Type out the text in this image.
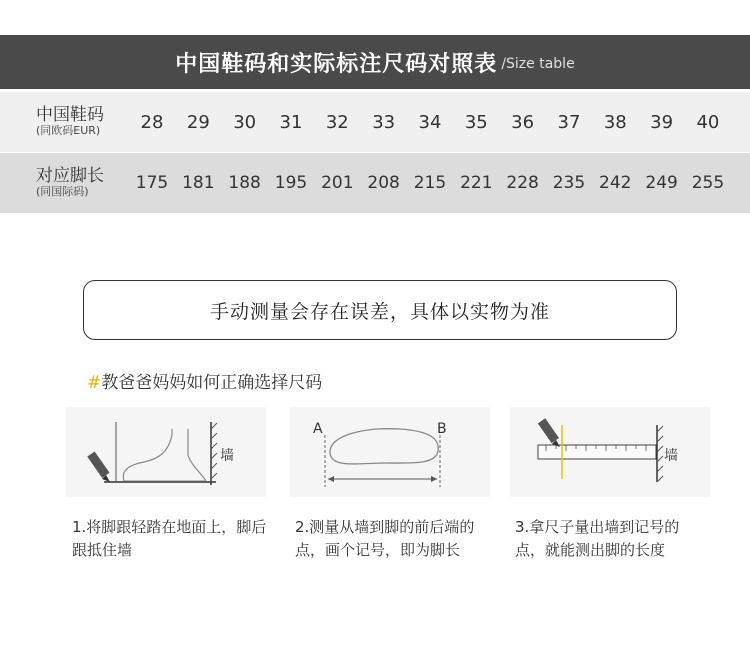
中国鞋码和实际标注尺码对照表 /Size table
中国鞋码
(同欧码EUR)	28	29	30	31	32	33	34	35	36	37	38	39	40
对应脚长
(同国际码)	175 181 188 195 201 208 215 221 228 235 242 249 255
手动测量会存在误差，具体以实物为准
#教爸爸妈妈如何正确选择尺码
墙
A	B
墙
1.将脚跟轻踏在地面上，脚后跟抵住墙
2.测量从墙到脚的前后端的点，画个记号，即为脚长
3.拿尺子量出墙到记号的点，就能测出脚的长度
